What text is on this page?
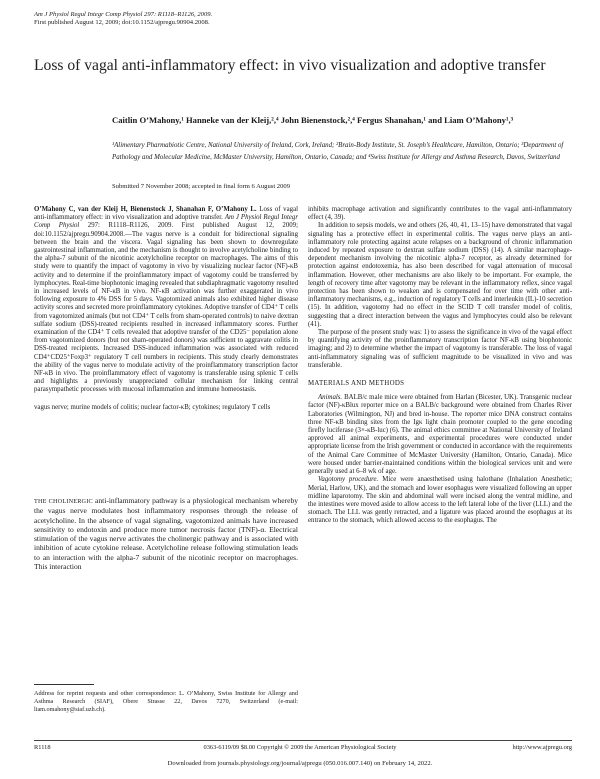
Am J Physiol Regul Integr Comp Physiol 297: R1118–R1126, 2009.
First published August 12, 2009; doi:10.1152/ajpregu.90904.2008.
Loss of vagal anti-inflammatory effect: in vivo visualization and adoptive transfer
Caitlin O’Mahony,¹ Hanneke van der Kleij,²,⁴ John Bienenstock,²,⁴ Fergus Shanahan,¹ and Liam O’Mahony¹,³
¹Alimentary Pharmabiotic Centre, National University of Ireland, Cork, Ireland; ²Brain-Body Institute, St. Joseph’s Healthcare, Hamilton, Ontario; ³Department of Pathology and Molecular Medicine, McMaster University, Hamilton, Ontario, Canada; and ⁴Swiss Institute for Allergy and Asthma Research, Davos, Switzerland
Submitted 7 November 2008; accepted in final form 6 August 2009

O’Mahony C, van der Kleij H, Bienenstock J, Shanahan F, O’Mahony L. Loss of vagal anti-inflammatory effect: in vivo visualization and adoptive transfer. Am J Physiol Regul Integr Comp Physiol 297: R1118–R1126, 2009. First published August 12, 2009; doi:10.1152/ajpregu.90904.2008.—The vagus nerve is a conduit for bidirectional signaling between the brain and the viscera. Vagal signaling has been shown to downregulate gastrointestinal inflammation, and the mechanism is thought to involve acetylcholine binding to the alpha-7 subunit of the nicotinic acetylcholine receptor on macrophages. The aims of this study were to quantify the impact of vagotomy in vivo by visualizing nuclear factor (NF)-κB activity and to determine if the proinflammatory impact of vagotomy could be transferred by lymphocytes. Real-time biophotonic imaging revealed that subdiaphragmatic vagotomy resulted in increased levels of NF-κB in vivo. NF-κB activation was further exaggerated in vivo following exposure to 4% DSS for 5 days. Vagotomized animals also exhibited higher disease activity scores and secreted more proinflammatory cytokines. Adoptive transfer of CD4⁺ T cells from vagotomized animals (but not CD4⁺ T cells from sham-operated controls) to naive dextran sulfate sodium (DSS)-treated recipients resulted in increased inflammatory scores. Further examination of the CD4⁺ T cells revealed that adoptive transfer of the CD25⁻ population alone from vagotomized donors (but not sham-operated donors) was sufficient to aggravate colitis in DSS-treated recipients. Increased DSS-induced inflammation was associated with reduced CD4⁺CD25⁺Foxp3⁺ regulatory T cell numbers in recipients. This study clearly demonstrates the ability of the vagus nerve to modulate activity of the proinflammatory transcription factor NF-κB in vivo. The proinflammatory effect of vagotomy is transferable using splenic T cells and highlights a previously unappreciated cellular mechanism for linking central parasympathetic processes with mucosal inflammation and immune homeostasis.

vagus nerve; murine models of colitis; nuclear factor-κB; cytokines; regulatory T cells

THE CHOLINERGIC anti-inflammatory pathway is a physiological mechanism whereby the vagus nerve modulates host inflammatory responses through the release of acetylcholine. In the absence of vagal signaling, vagotomized animals have increased sensitivity to endotoxin and produce more tumor necrosis factor (TNF)-α. Electrical stimulation of the vagus nerve activates the cholinergic pathway and is associated with inhibition of acute cytokine release. Acetylcholine release following stimulation leads to an interaction with the alpha-7 subunit of the nicotinic receptor on macrophages. This interaction
Address for reprint requests and other correspondence: L. O’Mahony, Swiss Institute for Allergy and Asthma Research (SIAF), Obere Strasse 22, Davos 7270, Switzerland (e-mail: liam.omahony@siaf.uzh.ch).

inhibits macrophage activation and significantly contributes to the vagal anti-inflammatory effect (4, 39).

In addition to sepsis models, we and others (26, 40, 41, 13–15) have demonstrated that vagal signaling has a protective effect in experimental colitis. The vagus nerve plays an anti-inflammatory role protecting against acute relapses on a background of chronic inflammation induced by repeated exposure to dextran sulfate sodium (DSS) (14). A similar macrophage-dependent mechanism involving the nicotinic alpha-7 receptor, as already determined for protection against endotoxemia, has also been described for vagal attenuation of mucosal inflammation. However, other mechanisms are also likely to be important. For example, the length of recovery time after vagotomy may be relevant in the inflammatory reflex, since vagal protection has been shown to weaken and is compensated for over time with other anti-inflammatory mechanisms, e.g., induction of regulatory T cells and interleukin (IL)-10 secretion (15). In addition, vagotomy had no effect in the SCID T cell transfer model of colitis, suggesting that a direct interaction between the vagus and lymphocytes could also be relevant (41).

The purpose of the present study was: 1) to assess the significance in vivo of the vagal effect by quantifying activity of the proinflammatory transcription factor NF-κB using biophotonic imaging; and 2) to determine whether the impact of vagotomy is transferable. The loss of vagal anti-inflammatory signaling was of sufficient magnitude to be visualized in vivo and was transferable.

MATERIALS AND METHODS

Animals. BALB/c male mice were obtained from Harlan (Bicester, UK). Transgenic nuclear factor (NF)-κBlux reporter mice on a BALB/c background were obtained from Charles River Laboratories (Wilmington, NJ) and bred in-house. The reporter mice DNA construct contains three NF-κB binding sites from the Igκ light chain promoter coupled to the gene encoding firefly luciferase (3×-κB-luc) (6). The animal ethics committee at National University of Ireland approved all animal experiments, and experimental procedures were conducted under appropriate license from the Irish government or conducted in accordance with the requirements of the Animal Care Committee of McMaster University (Hamilton, Ontario, Canada). Mice were housed under barrier-maintained conditions within the biological services unit and were generally used at 6–8 wk of age.

Vagotomy procedure. Mice were anaesthetised using halothane (Inhalation Anesthetic; Merial, Harlow, UK), and the stomach and lower esophagus were visualized following an upper midline laparotomy. The skin and abdominal wall were incised along the ventral midline, and the intestines were moved aside to allow access to the left lateral lobe of the liver (LLL) and the stomach. The LLL was gently retracted, and a ligature was placed around the esophagus at its entrance to the stomach, which allowed access to the esophagus. The

R1118	0363-6119/09 $8.00 Copyright © 2009 the American Physiological Society	http://www.ajpregu.org
Downloaded from journals.physiology.org/journal/ajpregu (050.016.007.140) on February 14, 2022.
